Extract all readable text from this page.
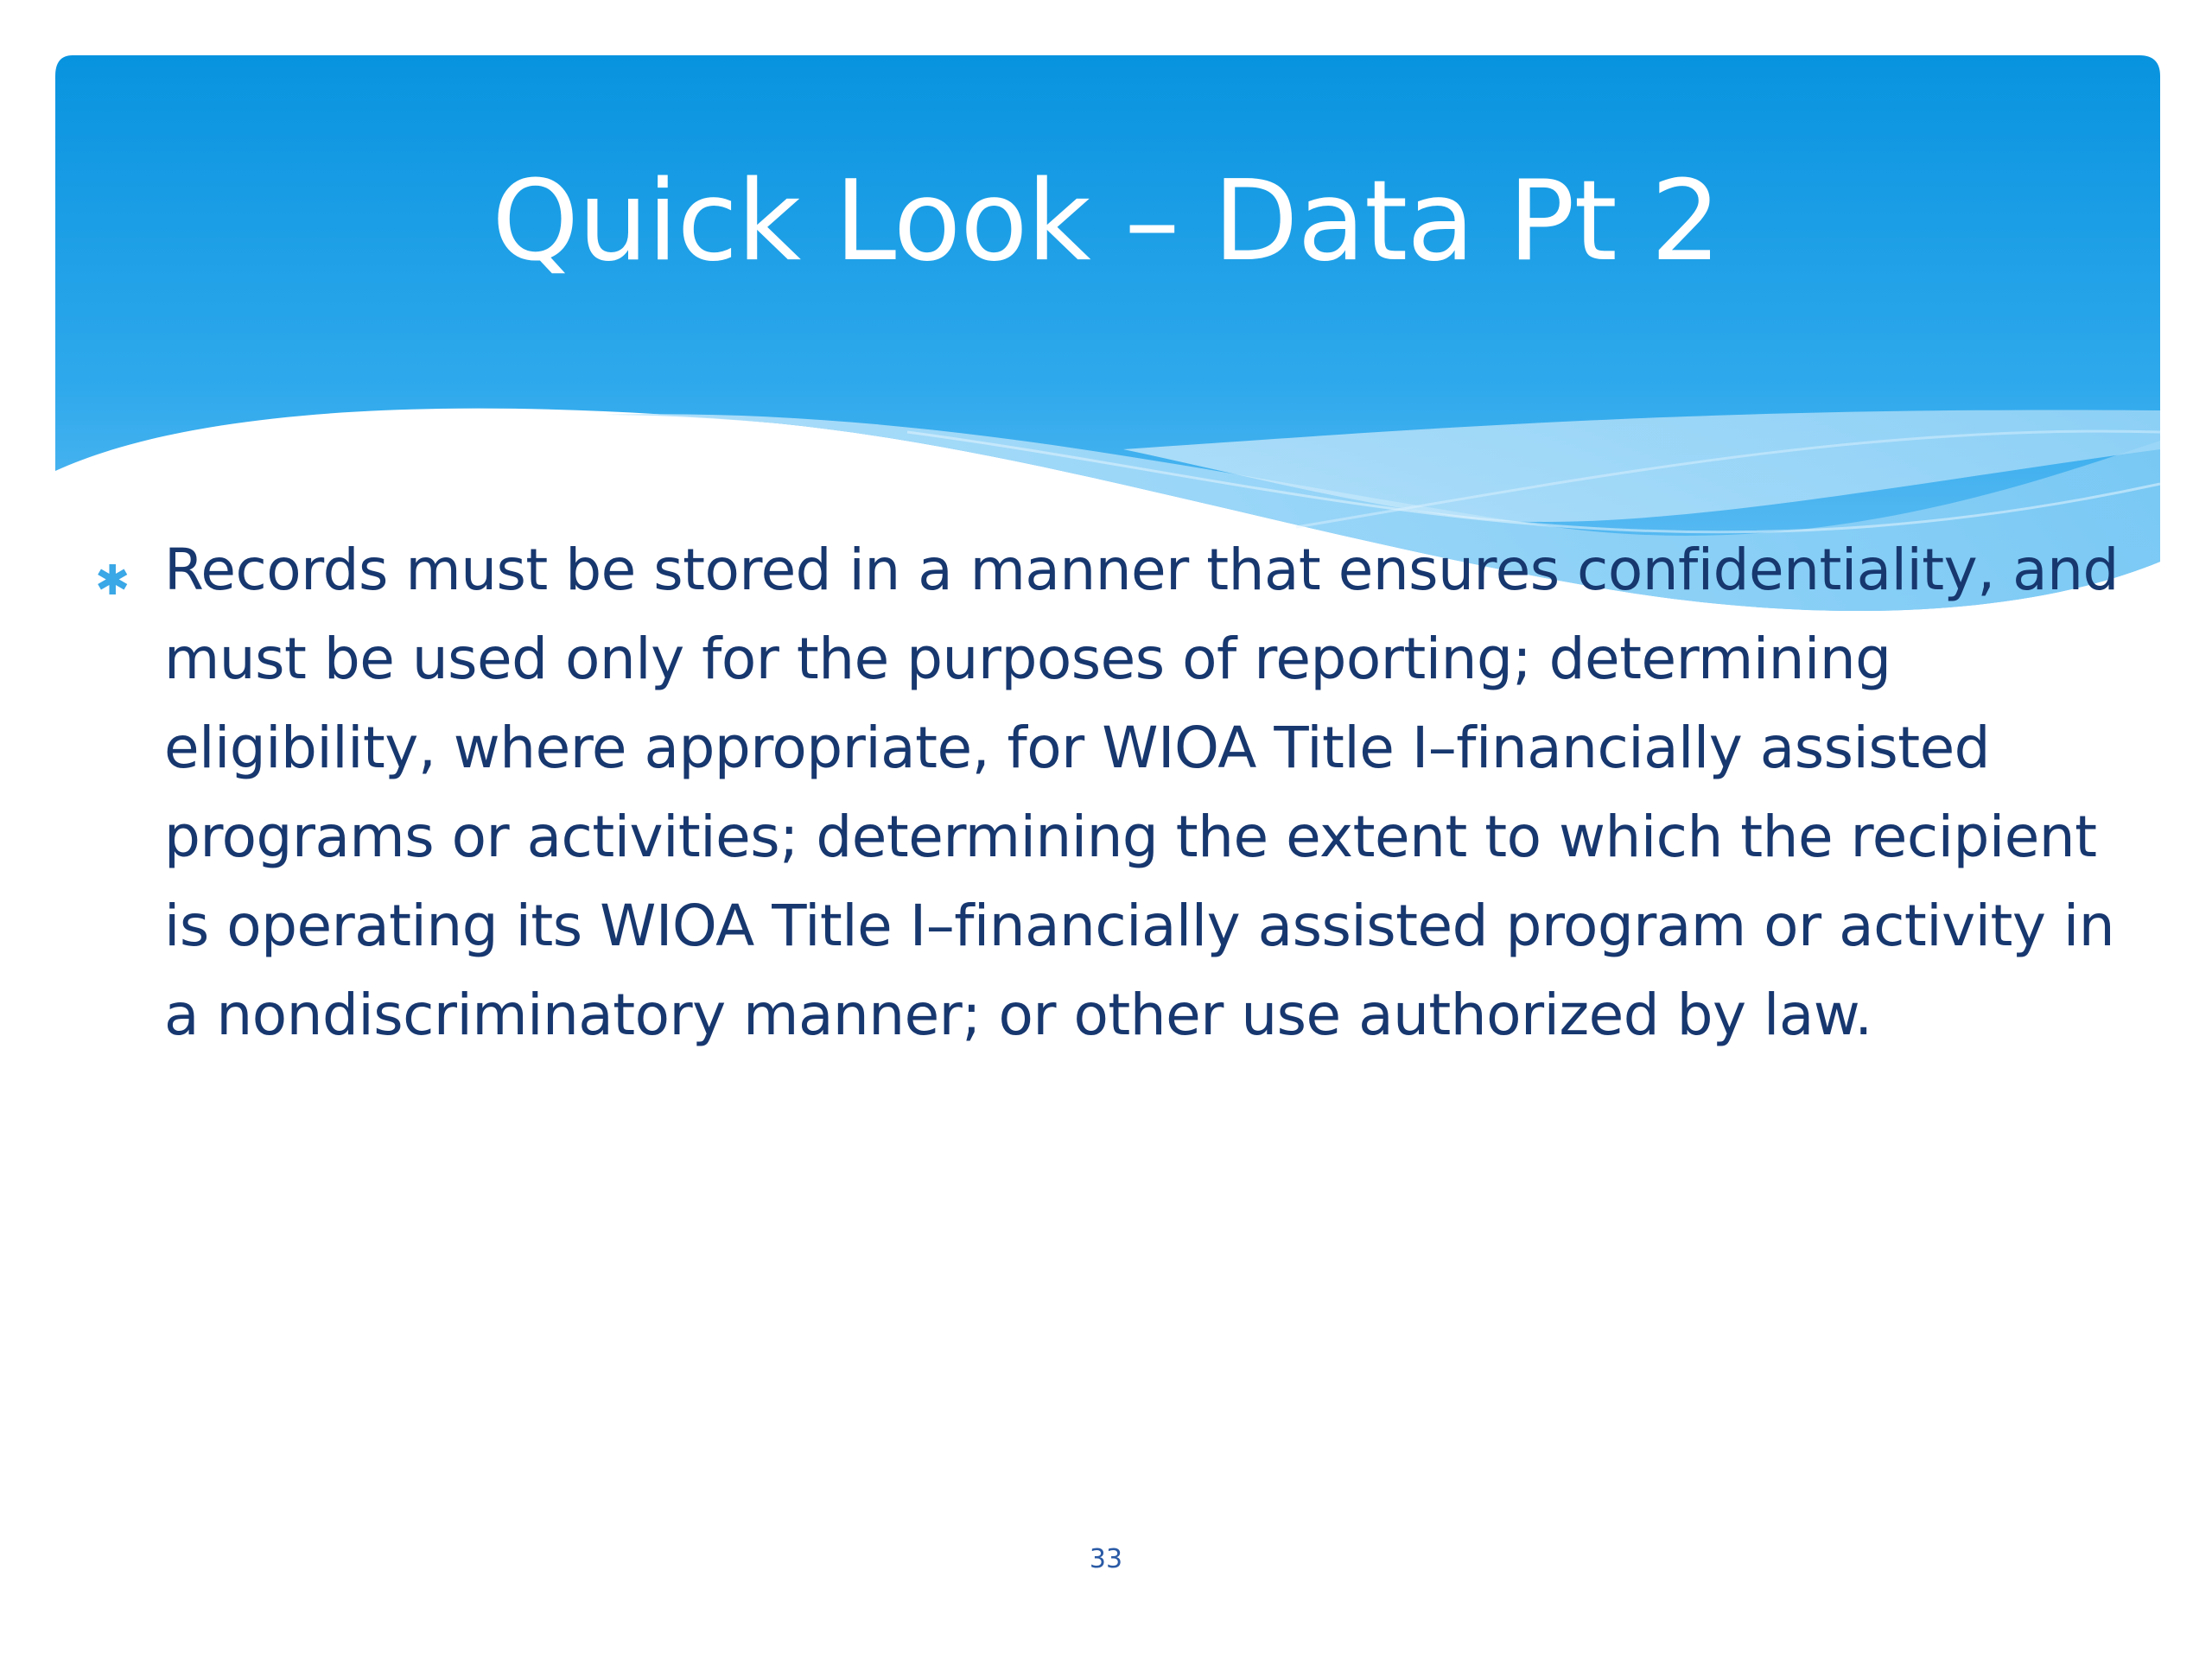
Quick Look – Data Pt 2
✱ Records must be stored in a manner that ensures confidentiality, and must be used only for the purposes of reporting; determining eligibility, where appropriate, for WIOA Title I–financially assisted programs or activities; determining the extent to which the recipient is operating its WIOA Title I–financially assisted program or activity in a nondiscriminatory manner; or other use authorized by law.

33
